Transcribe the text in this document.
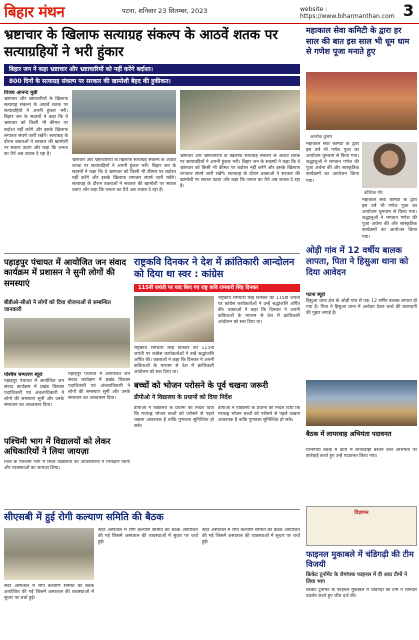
बिहार मंथन	पटना, शनिवार 23 सितम्बर, 2023	website : https://www.biharmanthan.com 3
भ्रष्टाचार के खिलाफ सत्याग्रह संकल्प के आठवें शतक पर सत्याग्रहियों ने भरी हुंकार
बिहार जन ने कहा भ्रष्टाचार और भ्रष्टाचारियों को नहीं करेंगे बर्दाश्त।
800 दिनों के सत्याग्रह संकल्प पर सरकार की खामोशी बेहद की हुकीकत।
विजय आनन्द मुन्नी
भ्रष्टाचार और भ्रष्टाचारियों के खिलाफ सत्याग्रह संकल्प के आठवें शतक पर सत्याग्रहियों ने अपनी हुंकार भरी। बिहार जन के सदस्यों ने कहा कि वे भ्रष्टाचार को किसी भी कीमत पर बर्दाश्त नहीं करेंगे और इसके खिलाफ लगातार संघर्ष जारी रखेंगे। सत्याग्रह के दौरान वक्ताओं ने सरकार की खामोशी पर सवाल उठाए और कहा कि जनता का धैर्य अब जवाब दे रहा है।
भ्रष्टाचार और भ्रष्टाचारियों के खिलाफ सत्याग्रह संकल्प के आठवें शतक पर सत्याग्रहियों ने अपनी हुंकार भरी। बिहार जन के सदस्यों ने कहा कि वे भ्रष्टाचार को किसी भी कीमत पर बर्दाश्त नहीं करेंगे और इसके खिलाफ लगातार संघर्ष जारी रखेंगे। सत्याग्रह के दौरान वक्ताओं ने सरकार की खामोशी पर सवाल उठाए और कहा कि जनता का धैर्य अब जवाब दे रहा है।
भ्रष्टाचार और भ्रष्टाचारियों के खिलाफ सत्याग्रह संकल्प के आठवें शतक पर सत्याग्रहियों ने अपनी हुंकार भरी। बिहार जन के सदस्यों ने कहा कि वे भ्रष्टाचार को किसी भी कीमत पर बर्दाश्त नहीं करेंगे और इसके खिलाफ लगातार संघर्ष जारी रखेंगे। सत्याग्रह के दौरान वक्ताओं ने सरकार की खामोशी पर सवाल उठाए और कहा कि जनता का धैर्य अब जवाब दे रहा है।
महाकाल सेवा कमिटी के द्वारा हर साल की बात इस साल भी धूम धाम से गणेश पूजा मनाते हुए
आलोक कुमार
महाकाल सेवा कमिटी के द्वारा इस वर्ष भी गणेश पूजा का आयोजन धूमधाम से किया गया। श्रद्धालुओं ने भगवान गणेश की पूजा अर्चना की और सांस्कृतिक कार्यक्रमों का आयोजन किया गया।
कौशिक नीर
महाकाल सेवा कमिटी के द्वारा इस वर्ष भी गणेश पूजा का आयोजन धूमधाम से किया गया। श्रद्धालुओं ने भगवान गणेश की पूजा अर्चना की और सांस्कृतिक कार्यक्रमों का आयोजन किया गया।
पहाड़पुर पंचायत में आयोजित जन संवाद कार्यक्रम में प्रशासन ने सुनी लोगों की समस्याएं
बीडीओ-सीओ ने लोगों को दिया योजनाओं से सम्बन्धित जानकारी
पश्चिम चम्पारण ब्यूरो
पहाड़पुर पंचायत में आयोजित जन संवाद कार्यक्रम में प्रखंड विकास पदाधिकारी एवं अंचलाधिकारी ने लोगों की समस्याएं सुनीं और उनके समाधान का आश्वासन दिया।
पहाड़पुर पंचायत में आयोजित जन संवाद कार्यक्रम में प्रखंड विकास पदाधिकारी एवं अंचलाधिकारी ने लोगों की समस्याएं सुनीं और उनके समाधान का आश्वासन दिया।
राष्ट्रकवि दिनकर ने देश में क्रांतिकारी आन्दोलन को दिया था स्वर : कांग्रेस
115वीं जयंती पर याद किए गए राष्ट्र कवि रामधारी सिंह दिनकर
राष्ट्रकवि रामधारी सिंह दिनकर की 115वीं जयंती पर कांग्रेस कार्यकर्ताओं ने उन्हें श्रद्धांजलि अर्पित की। वक्ताओं ने कहा कि दिनकर ने अपनी कविताओं के माध्यम से देश में क्रांतिकारी आंदोलन को स्वर दिया था।
राष्ट्रकवि रामधारी सिंह दिनकर की 115वीं जयंती पर कांग्रेस कार्यकर्ताओं ने उन्हें श्रद्धांजलि अर्पित की। वक्ताओं ने कहा कि दिनकर ने अपनी कविताओं के माध्यम से देश में क्रांतिकारी आंदोलन को स्वर दिया था।
ओड़ी गांव में 12 वर्षीय बालक लापता, पिता ने हिसुआ थाना को दिया आवेदन
पटना ब्यूरो
हिसुआ थाना क्षेत्र के ओड़ी गांव से एक 12 वर्षीय बालक लापता हो गया है। पिता ने हिसुआ थाना में आवेदन देकर बच्चे की बरामदगी की गुहार लगाई है।
बच्चों को भोजन परोसने के पूर्व चखना जरूरी
डीपीओ ने विद्यालय के प्रधानों को दिया निर्देश
डीपीओ ने विद्यालय के प्रधानों को निर्देश दिया कि मध्याह्न भोजन बच्चों को परोसने से पहले चखना आवश्यक है ताकि गुणवत्ता सुनिश्चित हो सके।
डीपीओ ने विद्यालय के प्रधानों को निर्देश दिया कि मध्याह्न भोजन बच्चों को परोसने से पहले चखना आवश्यक है ताकि गुणवत्ता सुनिश्चित हो सके।
पश्चिमी भाग में विद्यालयों को लेकर अधिकारियों ने लिया जायज़ा
जिले के पश्चिमी भाग में स्थित विद्यालयों का अधिकारियों ने निरीक्षण किया और व्यवस्थाओं का जायज़ा लिया।
बैठक में लापरवाह अभियंता पदावनत
विभागीय बैठक में कार्य में लापरवाही बरतने वाले अभियंता पर कार्रवाई करते हुए उन्हें पदावनत किया गया।
विज्ञापन
सीएसबी में हुई रोगी कल्याण समिति की बैठक
सदर अस्पताल में रोगी कल्याण समिति की बैठक आयोजित की गई जिसमें अस्पताल की व्यवस्थाओं में सुधार पर चर्चा हुई।
सदर अस्पताल में रोगी कल्याण समिति की बैठक आयोजित की गई जिसमें अस्पताल की व्यवस्थाओं में सुधार पर चर्चा हुई।
सदर अस्पताल में रोगी कल्याण समिति की बैठक आयोजित की गई जिसमें अस्पताल की व्यवस्थाओं में सुधार पर चर्चा हुई।
फाइनल मुकाबले में चंडिगढ़ी की टीम विजयी
क्रिकेट टूर्नामेंट के रोमांचक फाइनल में दी आठ टीमों ने लिया भाग
क्रिकेट टूर्नामेंट के फाइनल मुकाबले में चंडिगढ़ी की टीम ने शानदार प्रदर्शन करते हुए जीत दर्ज की।
